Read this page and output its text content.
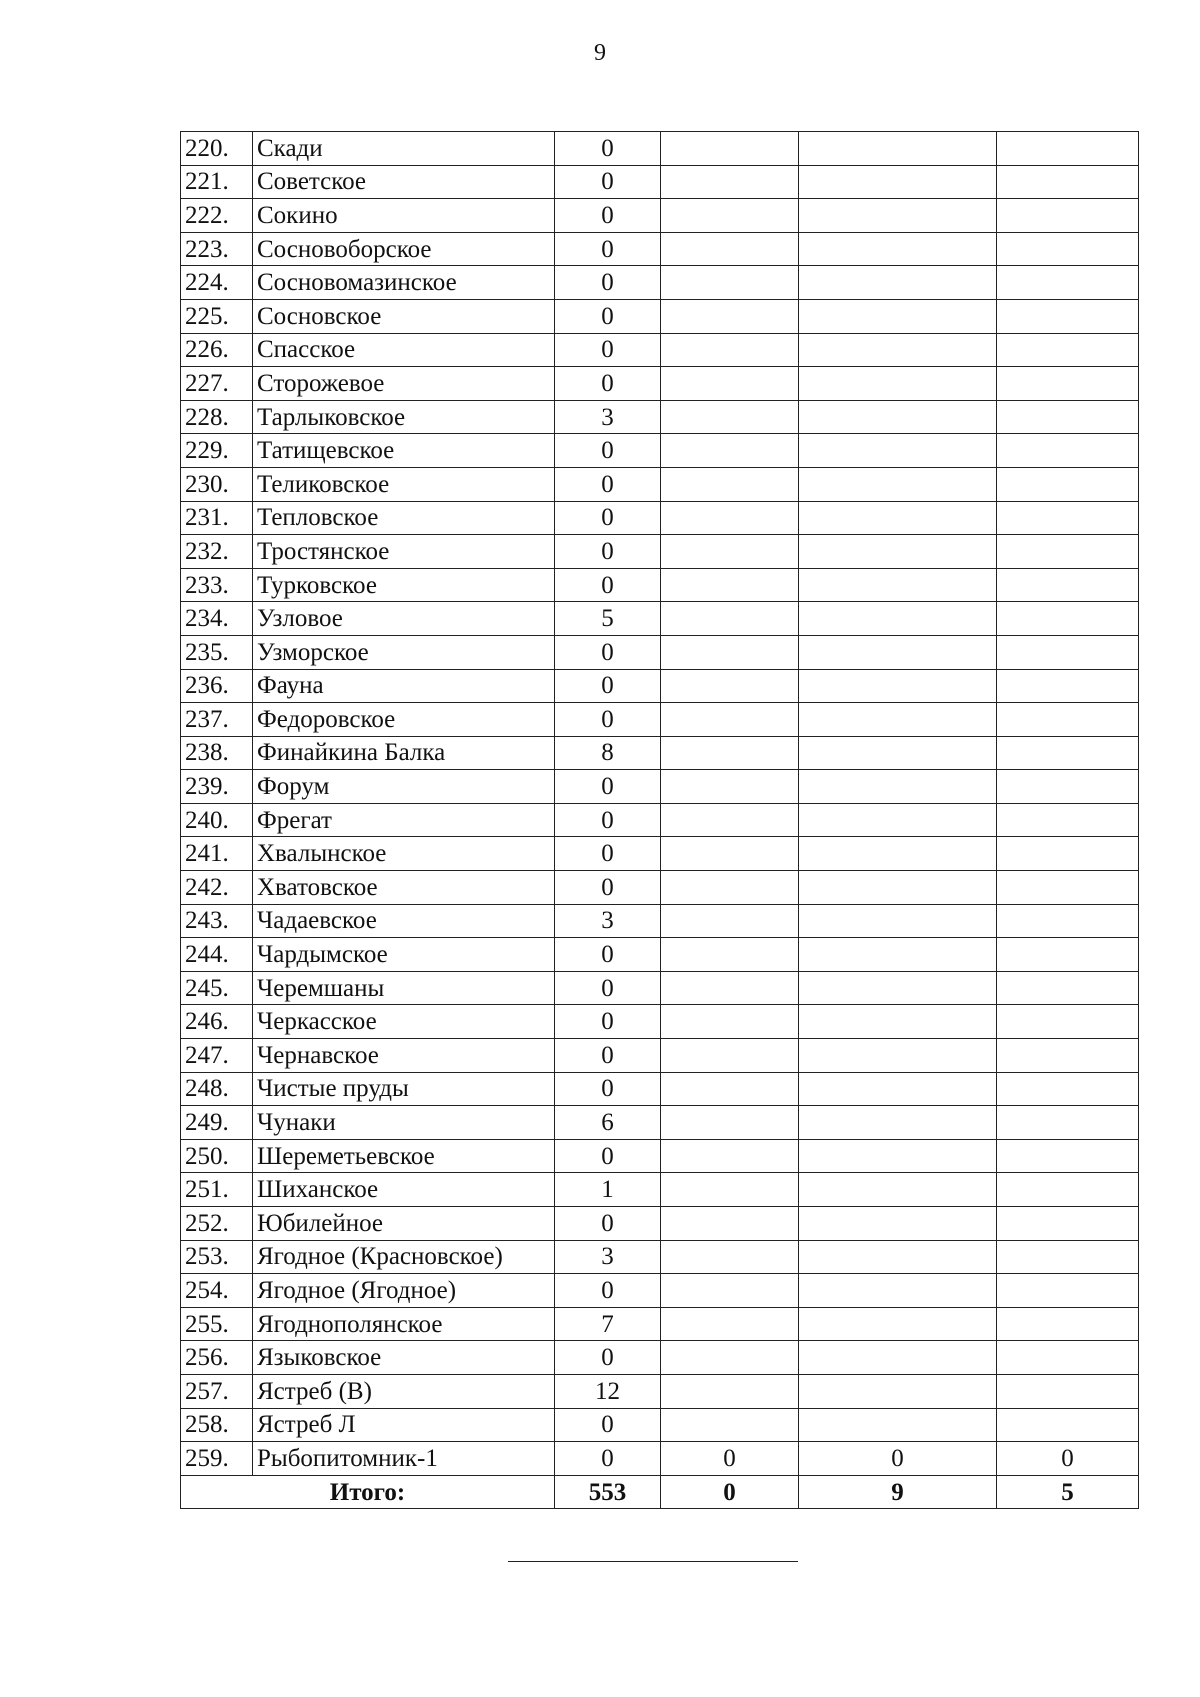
9
220.	Скади	0			
221.	Советское	0			
222.	Сокино	0			
223.	Сосновоборское	0			
224.	Сосновомазинское	0			
225.	Сосновское	0			
226.	Спасское	0			
227.	Сторожевое	0			
228.	Тарлыковское	3			
229.	Татищевское	0			
230.	Теликовское	0			
231.	Тепловское	0			
232.	Тростянское	0			
233.	Турковское	0			
234.	Узловое	5			
235.	Узморское	0			
236.	Фауна	0			
237.	Федоровское	0			
238.	Финайкина Балка	8			
239.	Форум	0			
240.	Фрегат	0			
241.	Хвалынское	0			
242.	Хватовское	0			
243.	Чадаевское	3			
244.	Чардымское	0			
245.	Черемшаны	0			
246.	Черкасское	0			
247.	Чернавское	0			
248.	Чистые пруды	0			
249.	Чунаки	6			
250.	Шереметьевское	0			
251.	Шиханское	1			
252.	Юбилейное	0			
253.	Ягодное (Красновское)	3			
254.	Ягодное (Ягодное)	0			
255.	Ягоднополянское	7			
256.	Языковское	0			
257.	Ястреб (В)	12			
258.	Ястреб Л	0			
259.	Рыбопитомник-1	0	0	0	0
Итого:		553	0	9	5
